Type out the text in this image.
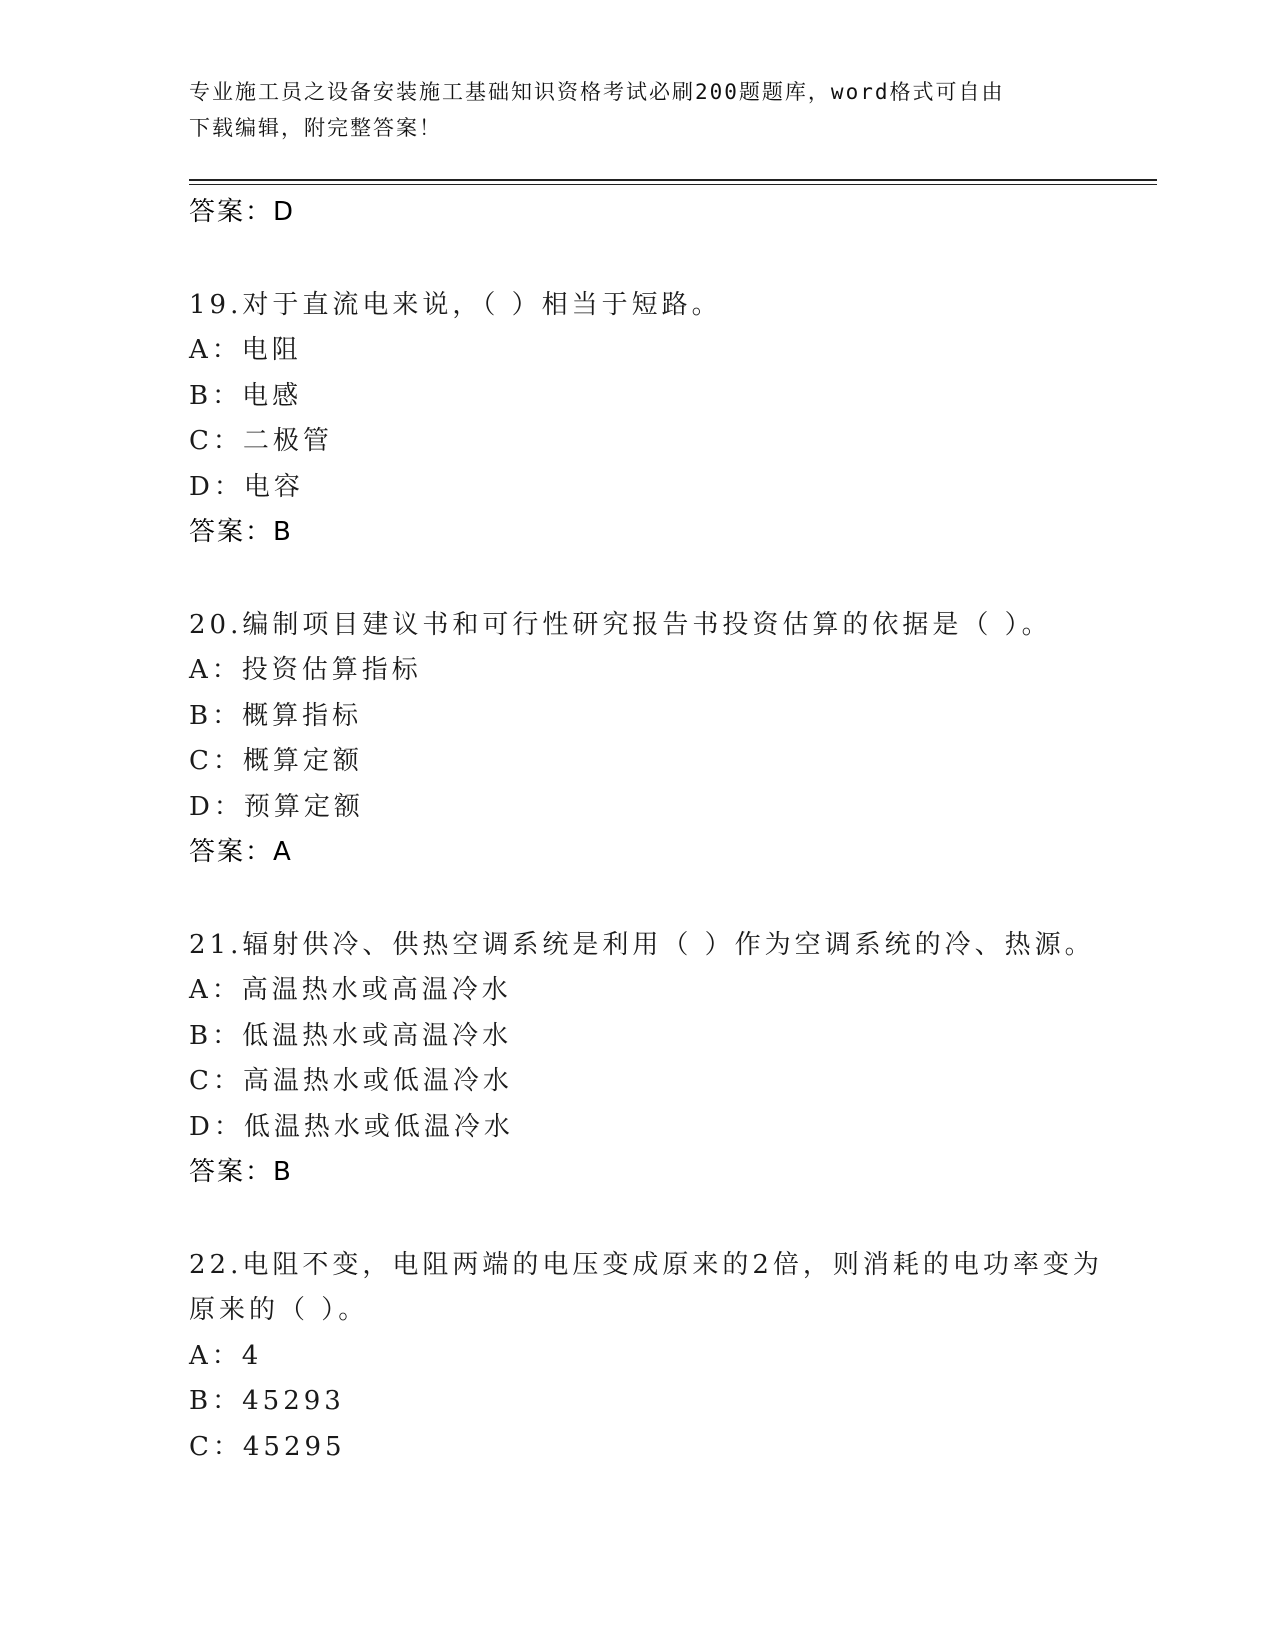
专业施工员之设备安装施工基础知识资格考试必刷200题题库，word格式可自由
下载编辑，附完整答案！
答案：D
19.对于直流电来说，（ ）相当于短路。
A：电阻
B：电感
C：二极管
D：电容
答案：B
20.编制项目建议书和可行性研究报告书投资估算的依据是（ ）。
A：投资估算指标
B：概算指标
C：概算定额
D：预算定额
答案：A
21.辐射供冷、供热空调系统是利用（ ）作为空调系统的冷、热源。
A：高温热水或高温冷水
B：低温热水或高温冷水
C：高温热水或低温冷水
D：低温热水或低温冷水
答案：B
22.电阻不变，电阻两端的电压变成原来的2倍，则消耗的电功率变为
原来的（ ）。
A：4
B：45293
C：45295
